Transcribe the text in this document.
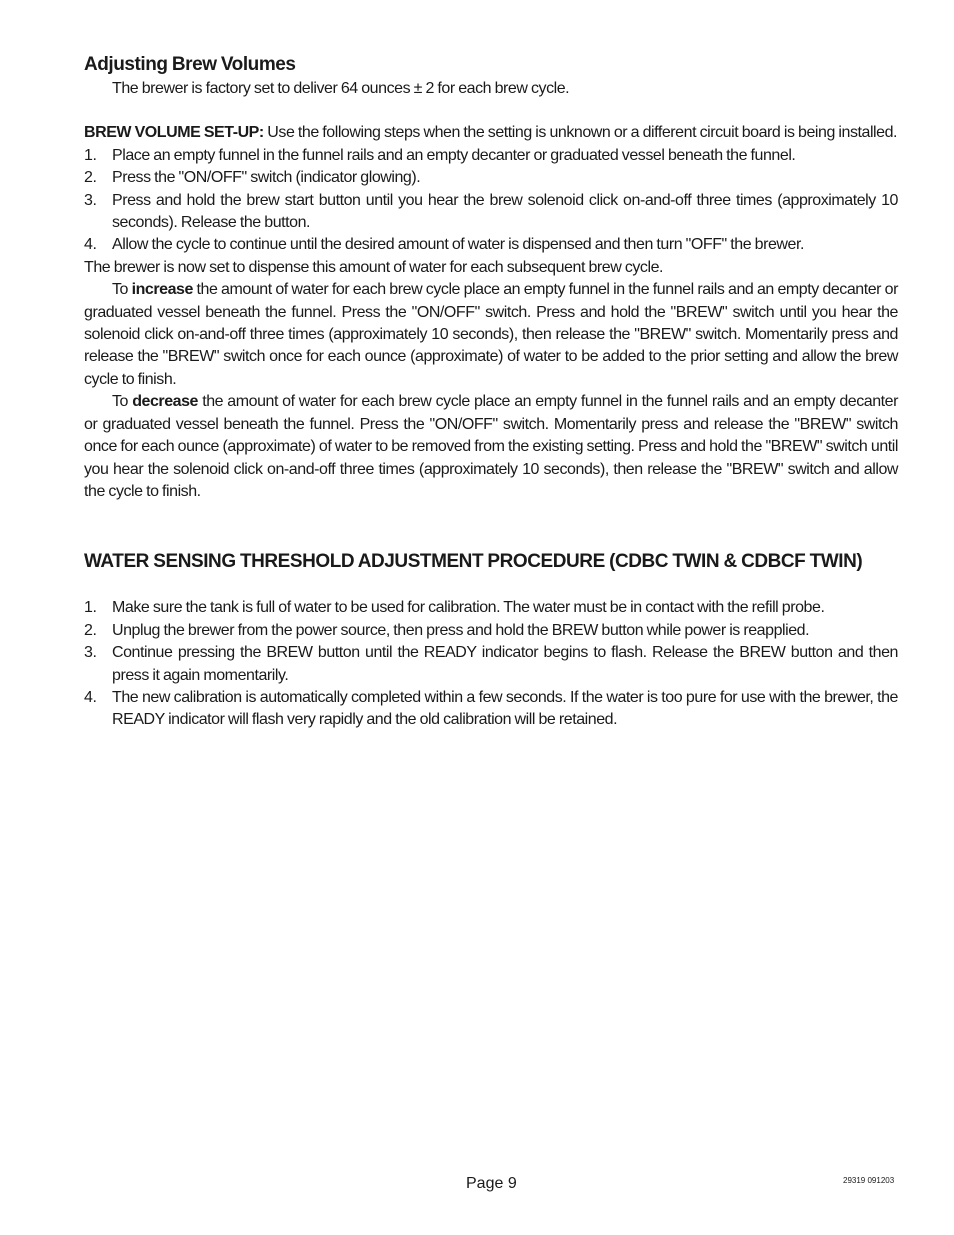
Adjusting Brew Volumes

The brewer is factory set to deliver 64 ounces ± 2 for each brew cycle.

BREW VOLUME SET-UP: Use the following steps when the setting is unknown or a different circuit board is being installed.

1. Place an empty funnel in the funnel rails and an empty decanter or graduated vessel beneath the funnel.
2. Press the "ON/OFF" switch (indicator glowing).
3. Press and hold the brew start button until you hear the brew solenoid click on-and-off three times (approximately 10 seconds). Release the button.
4. Allow the cycle to continue until the desired amount of water is dispensed and then turn "OFF" the brewer.

The brewer is now set to dispense this amount of water for each subsequent brew cycle.

To increase the amount of water for each brew cycle place an empty funnel in the funnel rails and an empty decanter or graduated vessel beneath the funnel. Press the "ON/OFF" switch. Press and hold the "BREW" switch until you hear the solenoid click on-and-off three times (approximately 10 seconds), then release the "BREW" switch. Momentarily press and release the "BREW" switch once for each ounce (approximate) of water to be added to the prior setting and allow the brew cycle to finish.

To decrease the amount of water for each brew cycle place an empty funnel in the funnel rails and an empty decanter or graduated vessel beneath the funnel. Press the "ON/OFF" switch. Momentarily press and release the "BREW" switch once for each ounce (approximate) of water to be removed from the existing setting. Press and hold the "BREW" switch until you hear the solenoid click on-and-off three times (approximately 10 seconds), then release the "BREW" switch and allow the cycle to finish.

WATER SENSING THRESHOLD ADJUSTMENT PROCEDURE (CDBC TWIN & CDBCF TWIN)
1. Make sure the tank is full of water to be used for calibration. The water must be in contact with the refill probe.
2. Unplug the brewer from the power source, then press and hold the BREW button while power is reapplied.
3. Continue pressing the BREW button until the READY indicator begins to flash. Release the BREW button and then press it again momentarily.
4. The new calibration is automatically completed within a few seconds. If the water is too pure for use with the brewer, the READY indicator will flash very rapidly and the old calibration will be retained.
Page 9	29319 091203
